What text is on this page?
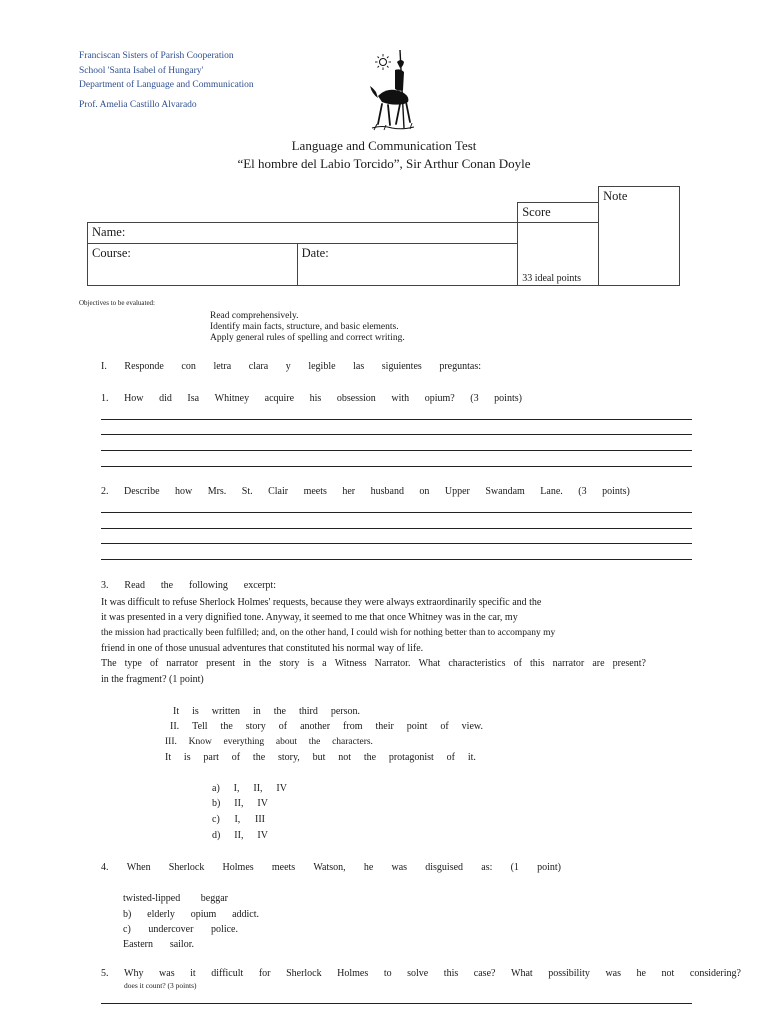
Franciscan Sisters of Parish Cooperation
School 'Santa Isabel of Hungary'
Department of Language and Communication
Prof. Amelia Castillo Alvarado
Language and Communication Test
“El hombre del Labio Torcido”, Sir Arthur Conan Doyle
			Note
		Score	
Name:		33 ideal points	
Course:	Date:		
Objectives to be evaluated:
Read comprehensively.
Identify main facts, structure, and basic elements.
Apply general rules of spelling and correct writing.
I. Responde con letra clara y legible las siguientes preguntas:
1. How did Isa Whitney acquire his obsession with opium? (3 points)
2. Describe how Mrs. St. Clair meets her husband on Upper Swandam Lane. (3 points)
3. Read the following excerpt:
It was difficult to refuse Sherlock Holmes' requests, because they were always extraordinarily specific and the
it was presented in a very dignified tone. Anyway, it seemed to me that once Whitney was in the car, my
the mission had practically been fulfilled; and, on the other hand, I could wish for nothing better than to accompany my
friend in one of those unusual adventures that constituted his normal way of life.
The type of narrator present in the story is a Witness Narrator. What characteristics of this narrator are present?
in the fragment? (1 point)
It is written in the third person.
II. Tell the story of another from their point of view.
III. Know everything about the characters.
It is part of the story, but not the protagonist of it.
a) I, II, IV
b) II, IV
c) I, III
d) II, IV
4. When Sherlock Holmes meets Watson, he was disguised as: (1 point)
twisted-lipped beggar
b) elderly opium addict.
c) undercover police.
Eastern sailor.
5. Why was it difficult for Sherlock Holmes to solve this case? What possibility was he not considering?
does it count? (3 points)
